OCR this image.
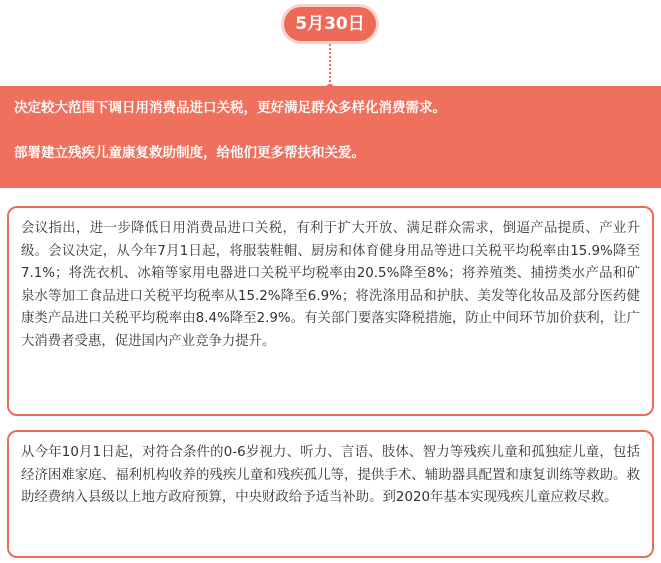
5月30日

决定较大范围下调日用消费品进口关税，更好满足群众多样化消费需求。

部署建立残疾儿童康复救助制度，给他们更多帮扶和关爱。

会议指出，进一步降低日用消费品进口关税，有利于扩大开放、满足群众需求，倒逼产品提质、产业升级。会议决定，从今年7月1日起，将服装鞋帽、厨房和体育健身用品等进口关税平均税率由15.9%降至7.1%；将洗衣机、冰箱等家用电器进口关税平均税率由20.5%降至8%；将养殖类、捕捞类水产品和矿泉水等加工食品进口关税平均税率从15.2%降至6.9%；将洗涤用品和护肤、美发等化妆品及部分医药健康类产品进口关税平均税率由8.4%降至2.9%。有关部门要落实降税措施，防止中间环节加价获利，让广大消费者受惠，促进国内产业竞争力提升。

从今年10月1日起，对符合条件的0-6岁视力、听力、言语、肢体、智力等残疾儿童和孤独症儿童，包括经济困难家庭、福利机构收养的残疾儿童和残疾孤儿等，提供手术、辅助器具配置和康复训练等救助。救助经费纳入县级以上地方政府预算，中央财政给予适当补助。到2020年基本实现残疾儿童应救尽救。
